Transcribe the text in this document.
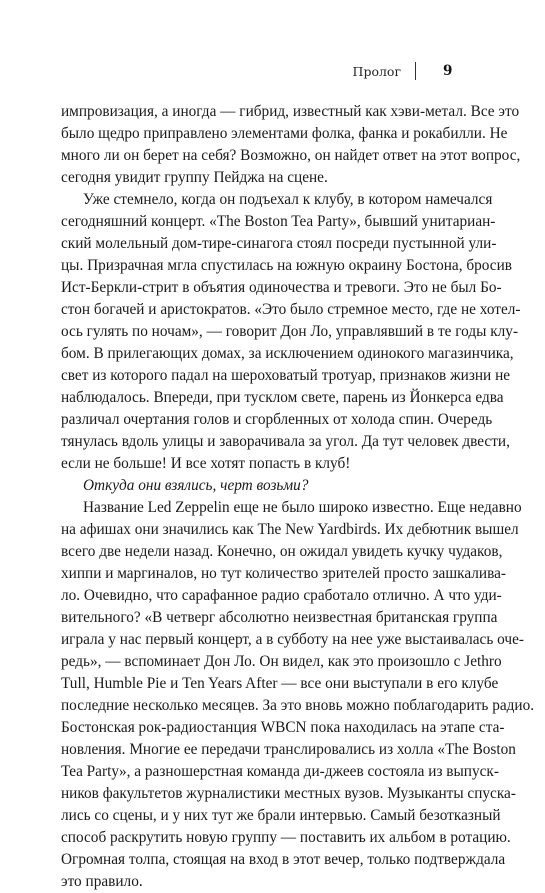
Пролог	9
импровизация, а иногда — гибрид, известный как хэви-метал. Все это
было щедро приправлено элементами фолка, фанка и рокабилли. Не
много ли он берет на себя? Возможно, он найдет ответ на этот вопрос,
сегодня увидит группу Пейджа на сцене.
Уже стемнело, когда он подъехал к клубу, в котором намечался
сегодняшний концерт. «The Boston Tea Party», бывший унитариан-
ский молельный дом-тире-синагога стоял посреди пустынной ули-
цы. Призрачная мгла спустилась на южную окраину Бостона, бросив
Ист-Беркли-стрит в объятия одиночества и тревоги. Это не был Бо-
стон богачей и аристократов. «Это было стремное место, где не хотел-
ось гулять по ночам», — говорит Дон Ло, управлявший в те годы клу-
бом. В прилегающих домах, за исключением одинокого магазинчика,
свет из которого падал на шероховатый тротуар, признаков жизни не
наблюдалось. Впереди, при тусклом свете, парень из Йонкерса едва
различал очертания голов и сгорбленных от холода спин. Очередь
тянулась вдоль улицы и заворачивала за угол. Да тут человек двести,
если не больше! И все хотят попасть в клуб!
Откуда они взялись, черт возьми?
Название Led Zeppelin еще не было широко известно. Еще недавно
на афишах они значились как The New Yardbirds. Их дебютник вышел
всего две недели назад. Конечно, он ожидал увидеть кучку чудаков,
хиппи и маргиналов, но тут количество зрителей просто зашкалива-
ло. Очевидно, что сарафанное радио сработало отлично. А что уди-
вительного? «В четверг абсолютно неизвестная британская группа
играла у нас первый концерт, а в субботу на нее уже выстаивалась оче-
редь», — вспоминает Дон Ло. Он видел, как это произошло с Jethro
Tull, Humble Pie и Ten Years After — все они выступали в его клубе
последние несколько месяцев. За это вновь можно поблагодарить радио.
Бостонская рок-радиостанция WBCN пока находилась на этапе ста-
новления. Многие ее передачи транслировались из холла «The Boston
Tea Party», а разношерстная команда ди-джеев состояла из выпуск-
ников факультетов журналистики местных вузов. Музыканты спуска-
лись со сцены, и у них тут же брали интервью. Самый безотказный
способ раскрутить новую группу — поставить их альбом в ротацию.
Огромная толпа, стоящая на вход в этот вечер, только подтверждала
это правило.
